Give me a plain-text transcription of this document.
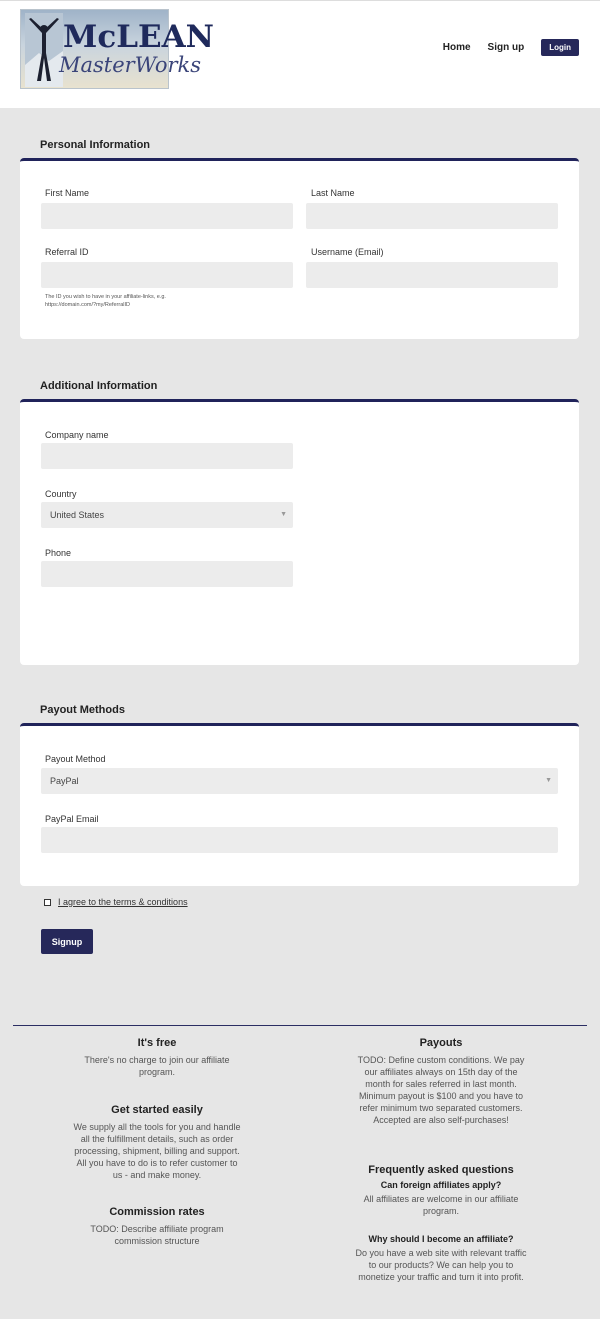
McLEAN
MasterWorks
Home Sign up	Login
Personal Information
First Name	Last Name
Referral ID	Username (Email)
The ID you wish to have in your affiliate-links, e.g.
https://domain.com/?my/ReferralID
Additional Information
Company name
Country
United States	▼
Phone
Payout Methods
Payout Method
PayPal	▼
PayPal Email
I agree to the terms & conditions
Signup
It's free
There's no charge to join our affiliate program.
Get started easily
We supply all the tools for you and handle all the fulfillment details, such as order processing, shipment, billing and support. All you have to do is to refer customer to us - and make money.
Commission rates
TODO: Describe affiliate program commission structure
Payouts
TODO: Define custom conditions. We pay our affiliates always on 15th day of the month for sales referred in last month. Minimum payout is $100 and you have to refer minimum two separated customers. Accepted are also self-purchases!
Frequently asked questions
Can foreign affiliates apply?
All affiliates are welcome in our affiliate program.
Why should I become an affiliate?
Do you have a web site with relevant traffic to our products? We can help you to monetize your traffic and turn it into profit.
